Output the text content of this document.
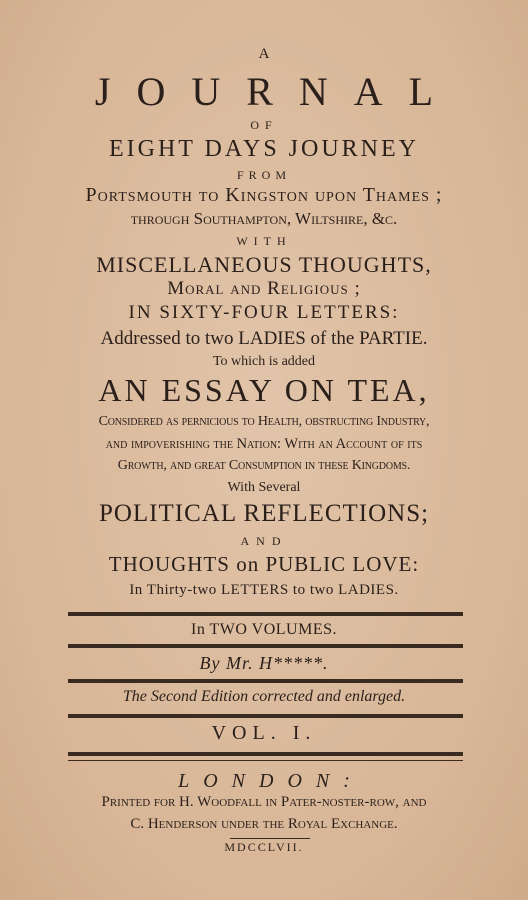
A
JOURNAL
OF
EIGHT DAYS JOURNEY
FROM
Portsmouth to Kingston upon Thames ;
through Southampton, Wiltshire, &c.
WITH
MISCELLANEOUS THOUGHTS,
Moral and Religious ;
IN SIXTY-FOUR LETTERS:
Addressed to two LADIES of the PARTIE.
To which is added
AN ESSAY ON TEA,
Considered as pernicious to Health, obstructing Industry,
and impoverishing the Nation: With an Account of its
Growth, and great Consumption in these Kingdoms.
With Several
POLITICAL REFLECTIONS;
AND
THOUGHTS on PUBLIC LOVE:
In Thirty-two LETTERS to two LADIES.
In TWO VOLUMES.
By Mr. H*****.
The Second Edition corrected and enlarged.
VOL. I.
LONDON:
Printed for H. Woodfall in Pater-noster-row, and
C. Henderson under the Royal Exchange.
MDCCLVII.
